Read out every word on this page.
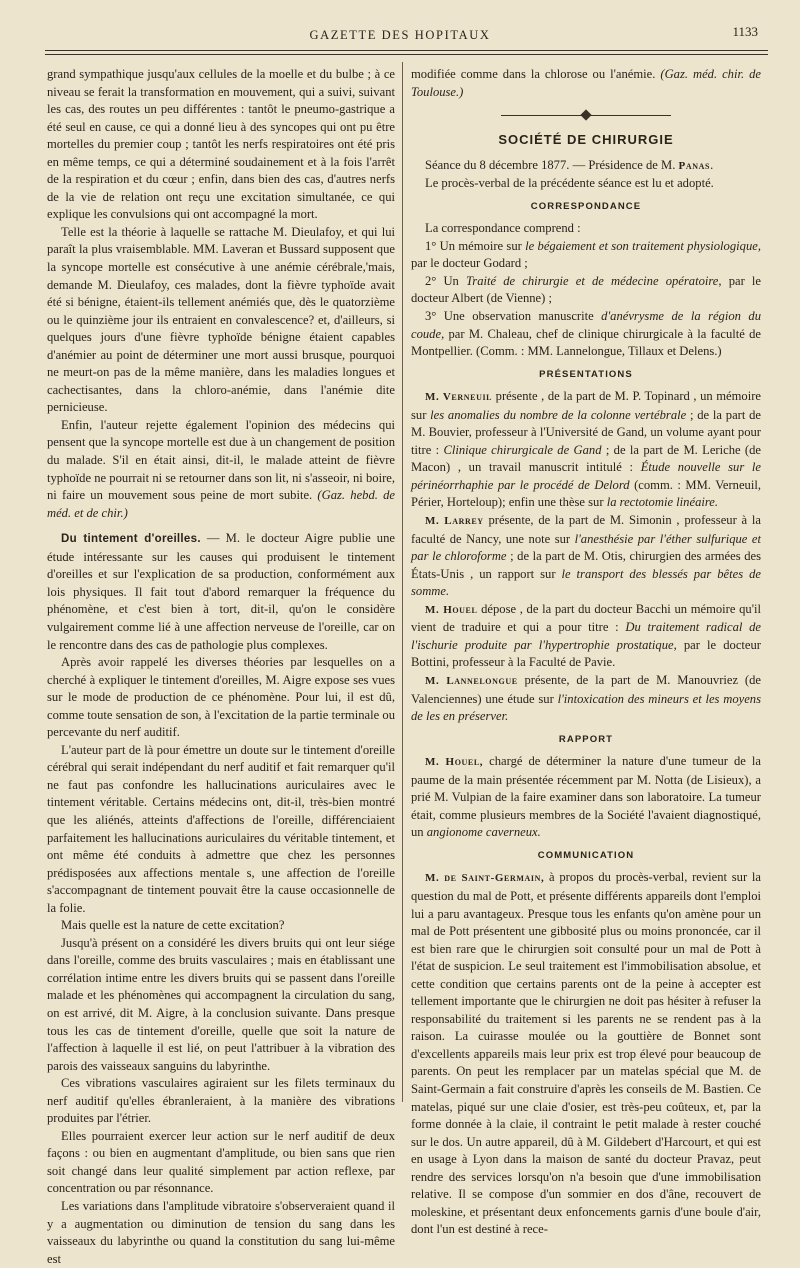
GAZETTE DES HOPITAUX	1133

grand sympathique jusqu'aux cellules de la moelle et du bulbe ; à ce niveau se ferait la transformation en mouvement, qui a suivi, suivant les cas, des routes un peu différentes : tantôt le pneumo-gastrique a été seul en cause, ce qui a donné lieu à des syncopes qui ont pu être mortelles du premier coup ; tantôt les nerfs respiratoires ont été pris en même temps, ce qui a déterminé soudainement et à la fois l'arrêt de la respiration et du cœur ; enfin, dans bien des cas, d'autres nerfs de la vie de relation ont reçu une excitation simultanée, ce qui explique les convulsions qui ont accompagné la mort.

Telle est la théorie à laquelle se rattache M. Dieulafoy, et qui lui paraît la plus vraisemblable. MM. Laveran et Bussard supposent que la syncope mortelle est consécutive à une anémie cérébrale,'mais, demande M. Dieulafoy, ces malades, dont la fièvre typhoïde avait été si bénigne, étaient-ils tellement anémiés que, dès le quatorzième ou le quinzième jour ils entraient en convalescence? et, d'ailleurs, si quelques jours d'une fièvre typhoïde bénigne étaient capables d'anémier au point de déterminer une mort aussi brusque, pourquoi ne meurt-on pas de la même manière, dans les maladies longues et cachectisantes, dans la chloro-anémie, dans l'anémie dite pernicieuse.

Enfin, l'auteur rejette également l'opinion des médecins qui pensent que la syncope mortelle est due à un changement de position du malade. S'il en était ainsi, dit-il, le malade atteint de fièvre typhoïde ne pourrait ni se retourner dans son lit, ni s'asseoir, ni boire, ni faire un mouvement sous peine de mort subite. (Gaz. hebd. de méd. et de chir.)

Du tintement d'oreilles. — M. le docteur Aigre publie une étude intéressante sur les causes qui produisent le tintement d'oreilles et sur l'explication de sa production, conformément aux lois physiques. Il fait tout d'abord remarquer la fréquence du phénomène, et c'est bien à tort, dit-il, qu'on le considère vulgairement comme lié à une affection nerveuse de l'oreille, car on le rencontre dans des cas de pathologie plus complexes.

Après avoir rappelé les diverses théories par lesquelles on a cherché à expliquer le tintement d'oreilles, M. Aigre expose ses vues sur le mode de production de ce phénomène. Pour lui, il est dû, comme toute sensation de son, à l'excitation de la partie terminale ou percevante du nerf auditif.

L'auteur part de là pour émettre un doute sur le tintement d'oreille cérébral qui serait indépendant du nerf auditif et fait remarquer qu'il ne faut pas confondre les hallucinations auriculaires avec le tintement véritable. Certains médecins ont, dit-il, très-bien montré que les aliénés, atteints d'affections de l'oreille, différenciaient parfaitement les hallucinations auriculaires du véritable tintement, et ont même été conduits à admettre que chez les personnes prédisposées aux affections mentale s, une affection de l'oreille s'accompagnant de tintement pouvait être la cause occasionnelle de la folie.

Mais quelle est la nature de cette excitation?

Jusqu'à présent on a considéré les divers bruits qui ont leur siége dans l'oreille, comme des bruits vasculaires ; mais en établissant une corrélation intime entre les divers bruits qui se passent dans l'oreille malade et les phénomènes qui accompagnent la circulation du sang, on est arrivé, dit M. Aigre, à la conclusion suivante. Dans presque tous les cas de tintement d'oreille, quelle que soit la nature de l'affection à laquelle il est lié, on peut l'attribuer à la vibration des parois des vaisseaux sanguins du labyrinthe.

Ces vibrations vasculaires agiraient sur les filets terminaux du nerf auditif qu'elles ébranleraient, à la manière des vibrations produites par l'étrier.

Elles pourraient exercer leur action sur le nerf auditif de deux façons : ou bien en augmentant d'amplitude, ou bien sans que rien soit changé dans leur qualité simplement par action reflexe, par concentration ou par résonnance.

Les variations dans l'amplitude vibratoire s'observeraient quand il y a augmentation ou diminution de tension du sang dans les vaisseaux du labyrinthe ou quand la constitution du sang lui-même est

modifiée comme dans la chlorose ou l'anémie. (Gaz. méd. chir. de Toulouse.)

SOCIÉTÉ DE CHIRURGIE

Séance du 8 décembre 1877. — Présidence de M. Panas.

Le procès-verbal de la précédente séance est lu et adopté.

CORRESPONDANCE

La correspondance comprend :

1° Un mémoire sur le bégaiement et son traitement physiologique, par le docteur Godard ;

2° Un Traité de chirurgie et de médecine opératoire, par le docteur Albert (de Vienne) ;

3° Une observation manuscrite d'anévrysme de la région du coude, par M. Chaleau, chef de clinique chirurgicale à la faculté de Montpellier. (Comm. : MM. Lannelongue, Tillaux et Delens.)

PRÉSENTATIONS

M. Verneuil présente , de la part de M. P. Topinard , un mémoire sur les anomalies du nombre de la colonne vertébrale ; de la part de M. Bouvier, professeur à l'Université de Gand, un volume ayant pour titre : Clinique chirurgicale de Gand ; de la part de M. Leriche (de Macon) , un travail manuscrit intitulé : Étude nouvelle sur le périnéorrhaphie par le procédé de Delord (comm. : MM. Verneuil, Périer, Horteloup); enfin une thèse sur la rectotomie linéaire.

M. Larrey présente, de la part de M. Simonin , professeur à la faculté de Nancy, une note sur l'anesthésie par l'éther sulfurique et par le chloroforme ; de la part de M. Otis, chirurgien des armées des États-Unis , un rapport sur le transport des blessés par bêtes de somme.

M. Houel dépose , de la part du docteur Bacchi un mémoire qu'il vient de traduire et qui a pour titre : Du traitement radical de l'ischurie produite par l'hypertrophie prostatique, par le docteur Bottini, professeur à la Faculté de Pavie.

M. Lannelongue présente, de la part de M. Manouvriez (de Valenciennes) une étude sur l'intoxication des mineurs et les moyens de les en préserver.

RAPPORT

M. Houel, chargé de déterminer la nature d'une tumeur de la paume de la main présentée récemment par M. Notta (de Lisieux), a prié M. Vulpian de la faire examiner dans son laboratoire. La tumeur était, comme plusieurs membres de la Société l'avaient diagnostiqué, un angionome caverneux.

COMMUNICATION

M. de Saint-Germain, à propos du procès-verbal, revient sur la question du mal de Pott, et présente différents appareils dont l'emploi lui a paru avantageux. Presque tous les enfants qu'on amène pour un mal de Pott présentent une gibbosité plus ou moins prononcée, car il est bien rare que le chirurgien soit consulté pour un mal de Pott à l'état de suspicion. Le seul traitement est l'immobilisation absolue, et cette condition que certains parents ont de la peine à accepter est tellement importante que le chirurgien ne doit pas hésiter à refuser la responsabilité du traitement si les parents ne se rendent pas à la raison. La cuirasse moulée ou la gouttière de Bonnet sont d'excellents appareils mais leur prix est trop élevé pour beaucoup de parents. On peut les remplacer par un matelas spécial que M. de Saint-Germain a fait construire d'après les conseils de M. Bastien. Ce matelas, piqué sur une claie d'osier, est très-peu coûteux, et, par la forme donnée à la claie, il contraint le petit malade à rester couché sur le dos. Un autre appareil, dû à M. Gildebert d'Harcourt, et qui est en usage à Lyon dans la maison de santé du docteur Pravaz, peut rendre des services lorsqu'on n'a besoin que d'une immobilisation relative. Il se compose d'un sommier en dos d'âne, recouvert de moleskine, et présentant deux enfoncements garnis d'une boule d'air, dont l'un est destiné à rece-
